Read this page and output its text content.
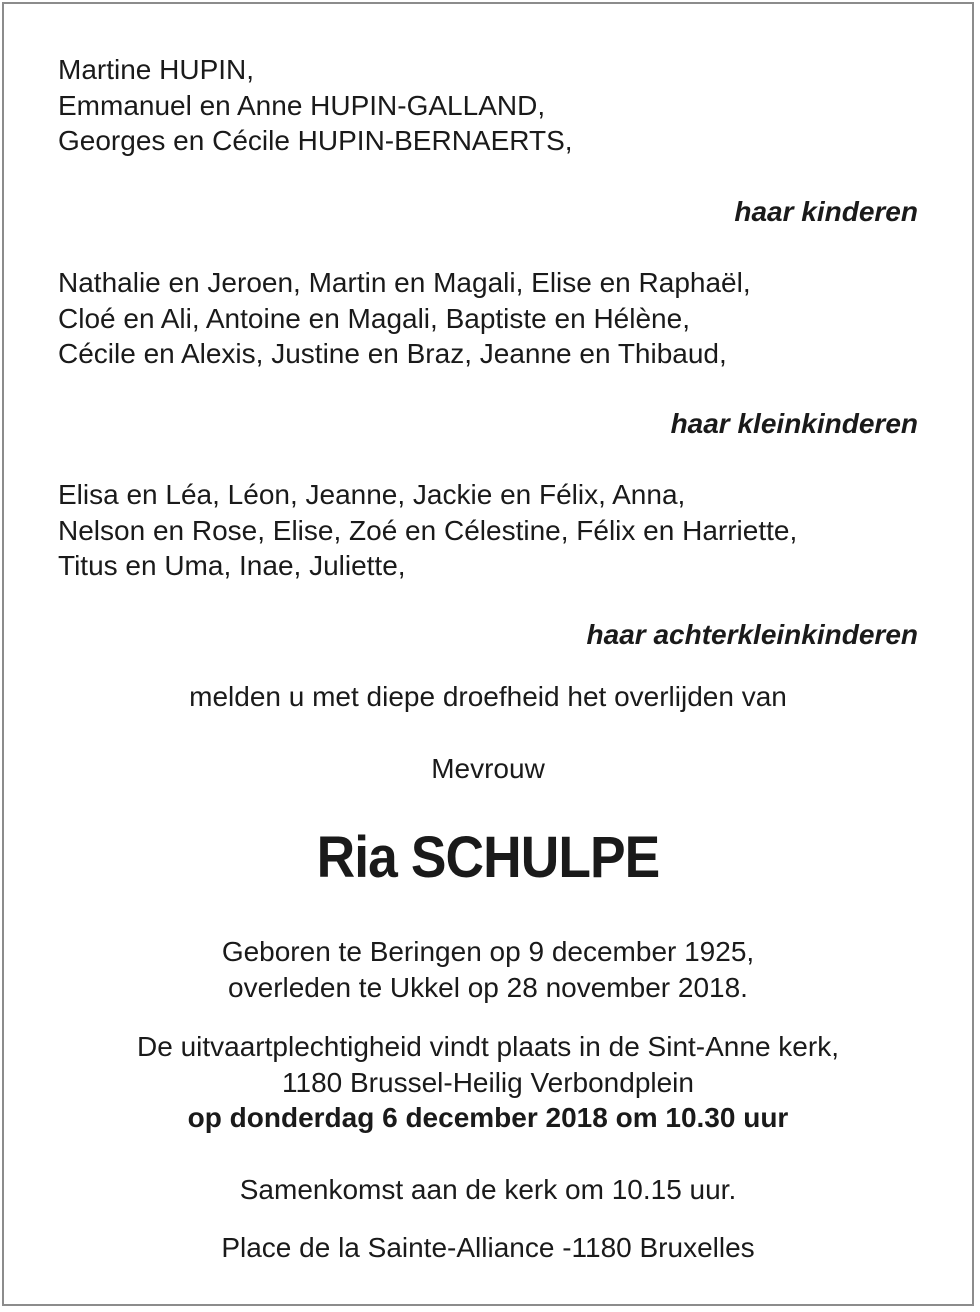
Martine HUPIN,
Emmanuel en Anne HUPIN-GALLAND,
Georges en Cécile HUPIN-BERNAERTS,
haar kinderen
Nathalie en Jeroen, Martin en Magali, Elise en Raphaël,
Cloé en Ali, Antoine en Magali, Baptiste en Hélène,
Cécile en Alexis, Justine en Braz, Jeanne en Thibaud,
haar kleinkinderen
Elisa en Léa, Léon, Jeanne, Jackie en Félix, Anna,
Nelson en Rose, Elise, Zoé en Célestine, Félix en Harriette,
Titus en Uma, Inae, Juliette,
haar achterkleinkinderen
melden u met diepe droefheid het overlijden van
Mevrouw
Ria SCHULPE
Geboren te Beringen op 9 december 1925,
overleden te Ukkel op 28 november 2018.
De uitvaartplechtigheid vindt plaats in de Sint-Anne kerk,
1180 Brussel-Heilig Verbondplein
op donderdag 6 december 2018 om 10.30 uur
Samenkomst aan de kerk om 10.15 uur.
Place de la Sainte-Alliance -1180 Bruxelles
